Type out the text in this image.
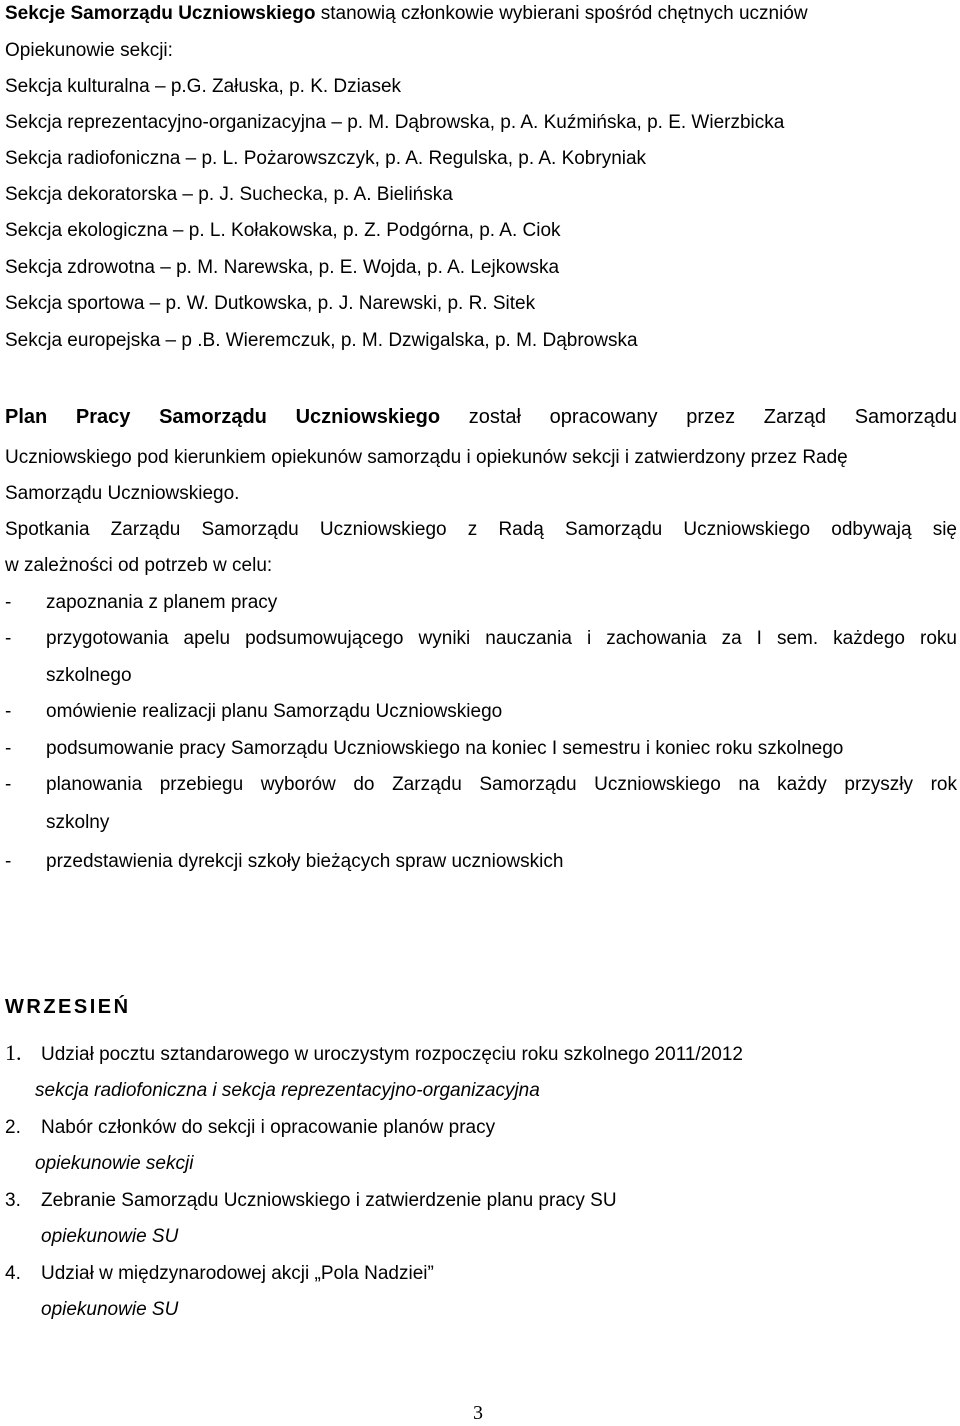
Sekcje Samorządu Uczniowskiego stanowią członkowie wybierani spośród chętnych uczniów
Opiekunowie sekcji:
Sekcja kulturalna – p.G. Załuska, p. K. Dziasek
Sekcja reprezentacyjno-organizacyjna – p. M. Dąbrowska, p. A. Kuźmińska, p. E. Wierzbicka
Sekcja radiofoniczna – p. L. Pożarowszczyk, p. A. Regulska, p. A. Kobryniak
Sekcja dekoratorska – p. J. Suchecka, p. A. Bielińska
Sekcja ekologiczna – p. L. Kołakowska, p. Z. Podgórna, p. A. Ciok
Sekcja zdrowotna – p. M. Narewska, p. E. Wojda, p. A. Lejkowska
Sekcja sportowa – p. W. Dutkowska, p. J. Narewski, p. R. Sitek
Sekcja europejska – p .B. Wieremczuk, p. M. Dzwigalska, p. M. Dąbrowska
Plan Pracy Samorządu Uczniowskiego został opracowany przez Zarząd Samorządu
Uczniowskiego pod kierunkiem opiekunów samorządu i opiekunów sekcji i zatwierdzony przez Radę
Samorządu Uczniowskiego.
Spotkania Zarządu Samorządu Uczniowskiego z Radą Samorządu Uczniowskiego odbywają się
w zależności od potrzeb w celu:
- zapoznania z planem pracy
- przygotowania apelu podsumowującego wyniki nauczania i zachowania za I sem. każdego roku
szkolnego
- omówienie realizacji planu Samorządu Uczniowskiego
- podsumowanie pracy Samorządu Uczniowskiego na koniec I semestru i koniec roku szkolnego
- planowania przebiegu wyborów do Zarządu Samorządu Uczniowskiego na każdy przyszły rok
szkolny
- przedstawienia dyrekcji szkoły bieżących spraw uczniowskich
WRZESIEŃ
1. Udział pocztu sztandarowego w uroczystym rozpoczęciu roku szkolnego 2011/2012
sekcja radiofoniczna i sekcja reprezentacyjno-organizacyjna
2. Nabór członków do sekcji i opracowanie planów pracy
opiekunowie sekcji
3. Zebranie Samorządu Uczniowskiego i zatwierdzenie planu pracy SU
opiekunowie SU
4. Udział w międzynarodowej akcji „Pola Nadziei”
opiekunowie SU
3
